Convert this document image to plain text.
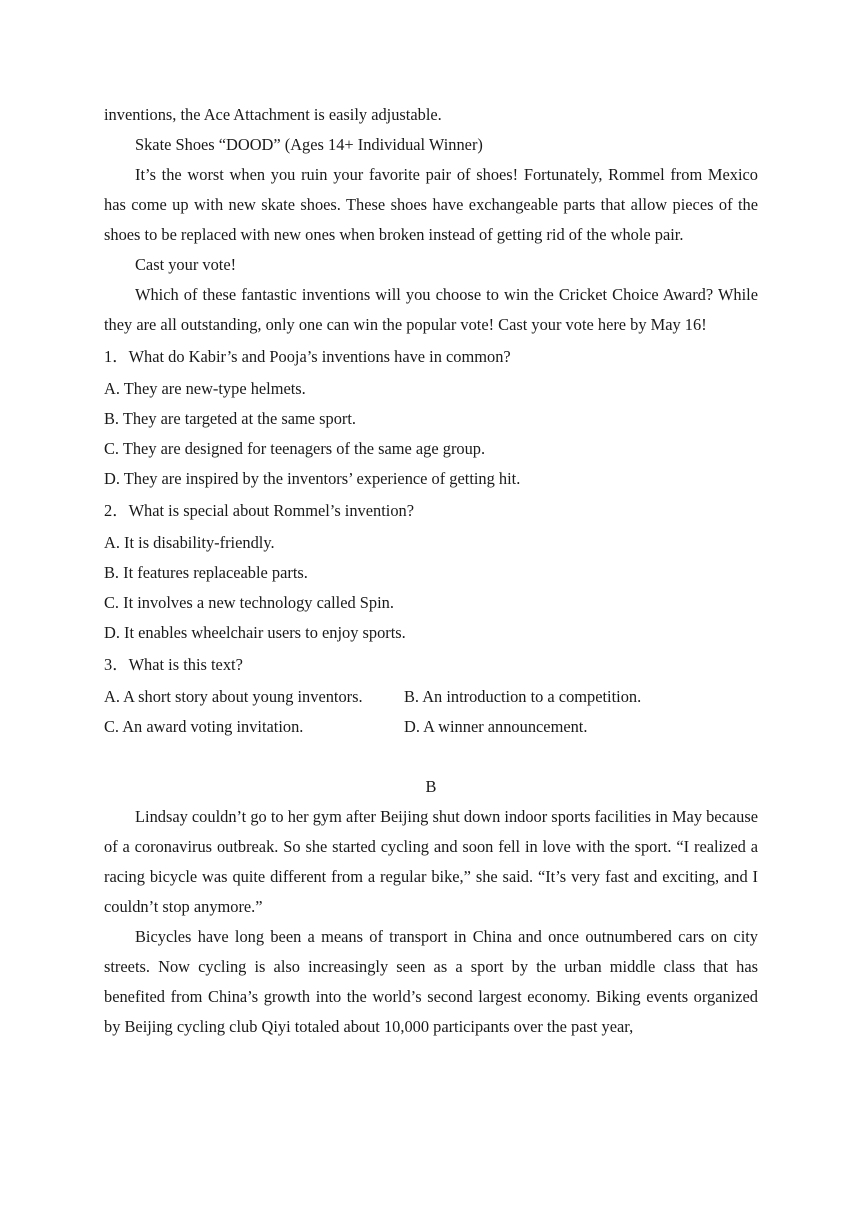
inventions, the Ace Attachment is easily adjustable.

Skate Shoes “DOOD” (Ages 14+ Individual Winner)

It’s the worst when you ruin your favorite pair of shoes! Fortunately, Rommel from Mexico has come up with new skate shoes. These shoes have exchangeable parts that allow pieces of the shoes to be replaced with new ones when broken instead of getting rid of the whole pair.

Cast your vote!

Which of these fantastic inventions will you choose to win the Cricket Choice Award? While they are all outstanding, only one can win the popular vote! Cast your vote here by May 16!

1．What do Kabir’s and Pooja’s inventions have in common?

A. They are new-type helmets.

B. They are targeted at the same sport.

C. They are designed for teenagers of the same age group.

D. They are inspired by the inventors’ experience of getting hit.

2．What is special about Rommel’s invention?

A. It is disability-friendly.

B. It features replaceable parts.

C. It involves a new technology called Spin.

D. It enables wheelchair users to enjoy sports.

3．What is this text?

A. A short story about young inventors.	B. An introduction to a competition.
C. An award voting invitation.	D. A winner announcement.

B

Lindsay couldn’t go to her gym after Beijing shut down indoor sports facilities in May because of a coronavirus outbreak. So she started cycling and soon fell in love with the sport. “I realized a racing bicycle was quite different from a regular bike,” she said. “It’s very fast and exciting, and I couldn’t stop anymore.”

Bicycles have long been a means of transport in China and once outnumbered cars on city streets. Now cycling is also increasingly seen as a sport by the urban middle class that has benefited from China’s growth into the world’s second largest economy. Biking events organized by Beijing cycling club Qiyi totaled about 10,000 participants over the past year,
